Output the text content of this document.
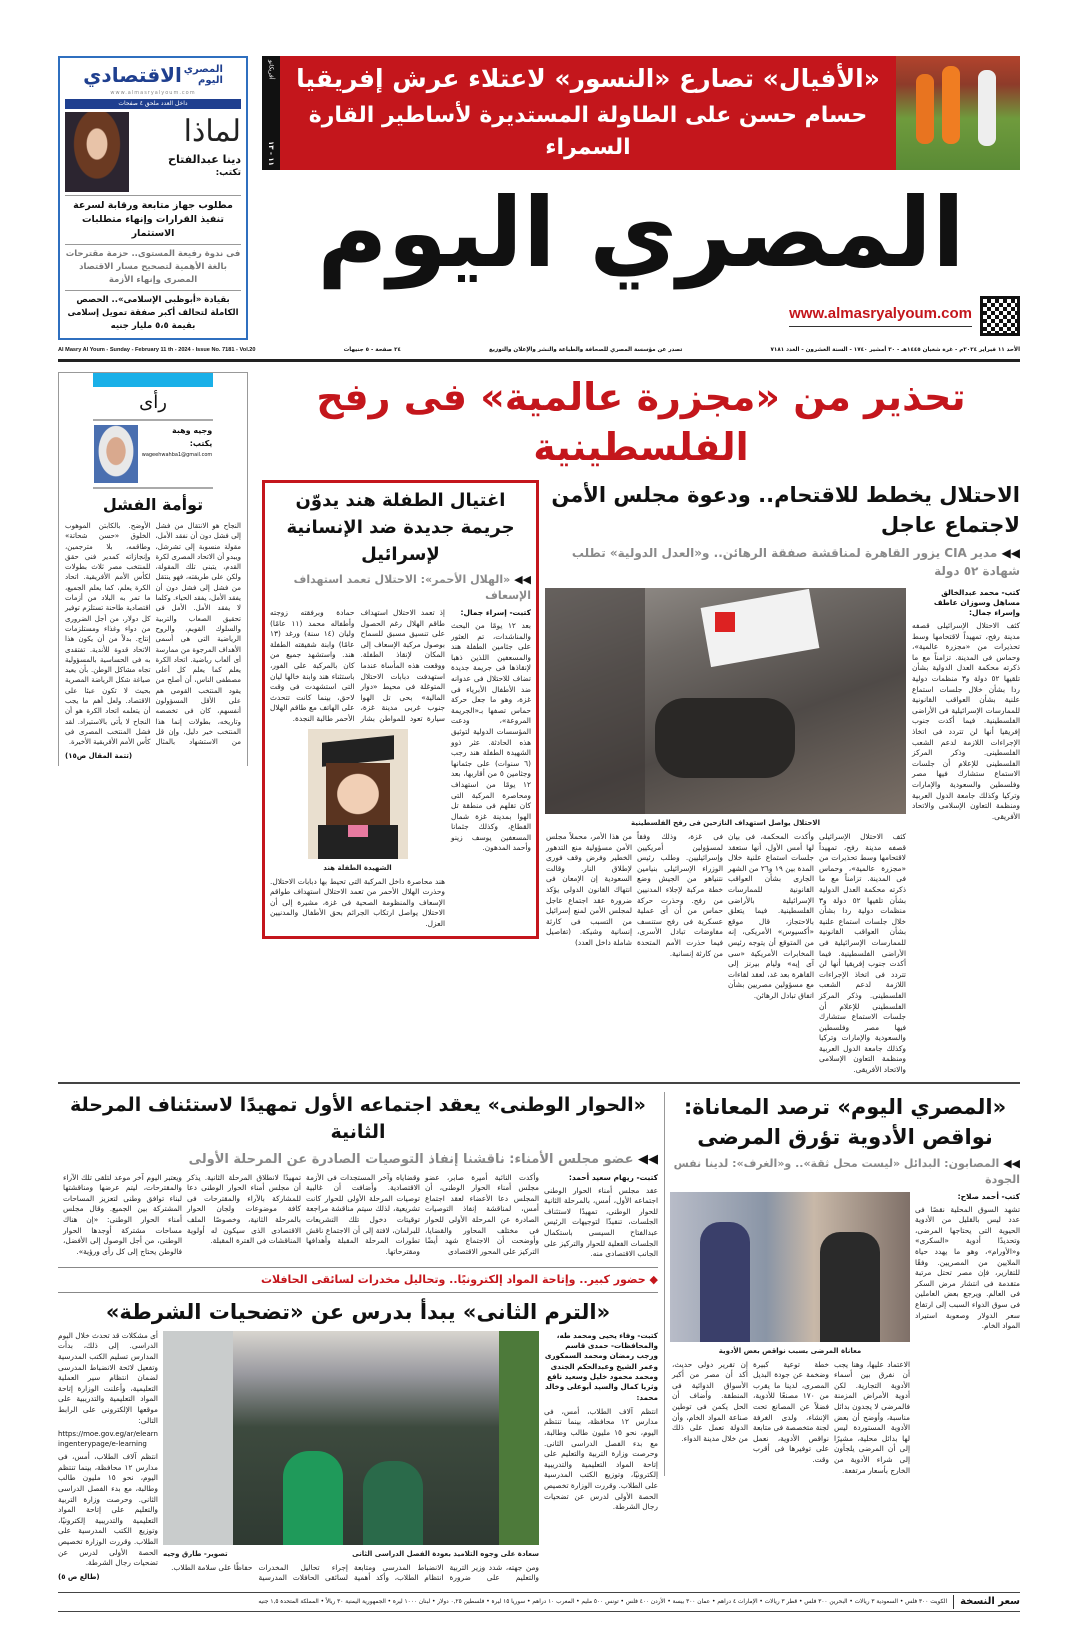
«الأفيال» تصارع «النسور» لاعتلاء عرش إفريقيا
حسام حسن على الطاولة المستديرة لأساطير القارة السمراء
أفريكانو
١١ - ١٣
المصري اليوم
www.almasryalyoum.com
المصري اليوم
الاقتصادي
www.almasryalyoum.com
داخل العدد ملحق ٤ صفحات
لماذا
دينا عبدالفتاح
تكتب:
مطلوب جهاز متابعة ورقابة لسرعة تنفيذ القرارات وإنهاء متطلبات الاستثمار
فى ندوة رفيعة المستوى.. حزمة مقترحات بالغة الأهمية لتصحيح مسار الاقتصاد المصرى وإنهاء الأزمة
بقيادة «أبوظبى الإسلامى».. الحصص الكاملة لتحالف أكبر صفقة تمويل إسلامى بقيمة ٥،٥ مليار جنيه
الأحد ١١ فبراير ٢٠٢٤م - غرة شعبان ١٤٤٥هـ - ٣٠ أمشير ١٧٤٠ - السنة العشرون - العدد ٧١٨١
تصدر عن مؤسسة المصري للصحافة والطباعة والنشر والإعلان والتوزيع
٢٤ صفحة - ٥ جنيهات
Al Masry Al Youm - Sunday - February 11 th - 2024 - Issue No. 7181 - Vol.20
تحذير من «مجزرة عالمية» فى رفح الفلسطينية
الاحتلال يخطط للاقتحام.. ودعوة مجلس الأمن لاجتماع عاجل
◀◀ مدير CIA يزور القاهرة لمناقشة صفقة الرهائن.. و«العدل الدولية» تطلب شهادة ٥٢ دولة
كتب- محمد عبدالخالق مساهل وسوزان عاطف وإسراء جمال:
كثف الاحتلال الإسرائيلى قصفه مدينة رفح، تمهيداً لاقتحامها وسط تحذيرات من «مجزرة عالمية»، وحماس فى المدينة. تزامناً مع ما ذكرته محكمة العدل الدولية بشأن تلقيها ٥٢ دولة و٣ منظمات دولية ردا بشأن خلال جلسات استماع علنية بشأن العواقب القانونية للممارسات الإسرائيلية فى الأراضى الفلسطينية. فيما أكدت جنوب إفريقيا أنها لن تتردد فى اتخاذ الإجراءات اللازمة لدعم الشعب الفلسطينى. وذكر المركز الفلسطينى للإعلام أن جلسات الاستماع ستشارك فيها مصر وفلسطين والسعودية والإمارات وتركيا وكذلك جامعة الدول العربية ومنظمة التعاون الإسلامى والاتحاد الأفريقى.
الاحتلال يواصل استهداف النازحين فى رفح الفلسطينية
كثف الاحتلال الإسرائيلى قصفه مدينة رفح، تمهيداً لاقتحامها وسط تحذيرات من «مجزرة عالمية»، وحماس فى المدينة. تزامناً مع ما ذكرته محكمة العدل الدولية بشأن تلقيها ٥٢ دولة و٣ منظمات دولية ردا بشأن خلال جلسات استماع علنية بشأن العواقب القانونية للممارسات الإسرائيلية فى الأراضى الفلسطينية. فيما أكدت جنوب إفريقيا أنها لن تتردد فى اتخاذ الإجراءات اللازمة لدعم الشعب الفلسطينى. وذكر المركز الفلسطينى للإعلام أن جلسات الاستماع ستشارك فيها مصر وفلسطين والسعودية والإمارات وتركيا وكذلك جامعة الدول العربية ومنظمة التعاون الإسلامى والاتحاد الأفريقى.
وأكدت المحكمة، فى بيان لها أمس الأول، أنها ستعقد جلسات استماع علنية خلال المدة بين ١٩ و٢٦ من الشهر الجارى بشأن العواقب القانونية للممارسات الإسرائيلية بالأراضى الفلسطينية. فيما يتعلق بالاحتجاز، قال موقع «أكسيوس» الأمريكى، إنه من المتوقع أن يتوجه رئيس المخابرات الأمريكية «سى آى إيه» وليام بيرنز إلى القاهرة بعد غد، لعقد لقاءات مع مسؤولين مصريين بشأن اتفاق تبادل الرهائن.
فى غزة، وذلك وفقاً لمسؤولين أمريكيين وإسرائيليين. وطلب رئيس الوزراء الإسرائيلى بنيامين نتنياهو من الجيش وضع خطة مركبة لإجلاء المدنيين من رفح. وحذرت حركة حماس من أن أى عملية عسكرية فى رفح ستنسف مفاوضات تبادل الأسرى، فيما حذرت الأمم المتحدة من كارثة إنسانية.
من هذا الأمر، محملاً مجلس الأمن مسؤولية منع التدهور الخطير وفرض وقف فورى لإطلاق النار. وقالت السعودية إن الإمعان فى انتهاك القانون الدولى يؤكد ضرورة عقد اجتماع عاجل لمجلس الأمن لمنع إسرائيل من التسبب فى كارثة إنسانية وشيكة. (تفاصيل شاملة داخل العدد)
اغتيال الطفلة هند يدوّن جريمة جديدة ضد الإنسانية لإسرائيل
◀◀ «الهلال الأحمر»: الاحتلال تعمد استهداف الإسعاف
كتبت- إسراء جمال:
بعد ١٢ يومًا من البحث والمناشدات، تم العثور على جثامين الطفلة هند والمسعفين اللذين ذهبا لإنقاذها فى جريمة جديدة تضاف للاحتلال فى عدوانه ضد الأطفال الأبرياء فى غزة، وهو ما جعل حركة حماس تصفها بـ«الجريمة المروعة»، ودعت المؤسسات الدولية لتوثيق هذه الحادثة. عثر ذوو الشهيدة الطفلة هند رجب (٦ سنوات) على جثمانها وجثامين ٥ من أقاربها، بعد ١٢ يومًا من استهداف ومحاصرة المركبة التى كان تقلهم فى منطقة تل الهوا بمدينة غزة شمال القطاع، وكذلك جثمانا المسعفين يوسف زينو وأحمد المدهون.
إذ تعمد الاحتلال استهداف طاقم الهلال رغم الحصول على تنسيق مسبق للسماح بوصول مركبة الإسعاف إلى المكان لإنقاذ الطفلة. ووقعت هذه المأساة عندما استهدفت دبابات الاحتلال المتوغلة فى محيط «دوار المالية» بحى تل الهوا جنوب غربى مدينة غزة، سيارة تعود للمواطن بشار حمادة وبرفقته زوجته وأطفاله محمد (١١ عامًا) وليان (١٤ سنة) ورغد (١٣ عامًا) وابنة شقيقته الطفلة هند. واستشهد جميع من كان بالمركبة على الفور، باستثناء هند وابنة خالها ليان التى استشهدت فى وقت لاحق، بينما كانت تتحدث على الهاتف مع طاقم الهلال الأحمر طالبة النجدة.
الشهيدة الطفلة هند
هند محاصرة داخل المركبة التى تحيط بها دبابات الاحتلال. وحذرت الهلال الأحمر من تعمد الاحتلال استهداف طواقم الإسعاف والمنظومة الصحية فى غزة، مشيرة إلى أن الاحتلال يواصل ارتكاب الجرائم بحق الأطفال والمدنيين العزل.
رأى
وجيه وهبة
يكتب:
wageehwahba1@gmail.com
توأمة الفشل
النجاح هو الانتقال من فشل إلى فشل دون أن نفقد الأمل، مقولة منسوبة إلى تشرشل، ويبدو أن الاتحاد المصرى لكرة القدم، يتبنى تلك المقولة، ولكن على طريقته، فهو ينتقل من فشل إلى فشل دون أن يفقد الأمل، يفقد الحياء. وكلما لا يفقد الأمل. الأمل فى تحقيق الصعاب والتربية والسلوك القويم، والروح الرياضية التى هى أسمى الأهداف المرجوة من ممارسة أى ألعاب رياضية. اتحاد الكرة يعلم كما يعلم كل أعلى مصطفى الناس، أن أصلح من يقود المنتخب القومى هم على الأقل المسؤولون أنفسهم، كان فى تخصصه وتاريخه، بطولات إنما هذا المنتخب خير دليل، وإن قل من الاستشهاد بالمثال الأوضح. بالكابتن الموهوب الخلوق «حسن شحاتة» وطاقمه، بلا مترجمين، وإنجازاته كمدير فنى حقق للمنتخب مصر ثلاث بطولات لكأس الأمم الأفريقية. اتحاد الكرة يعلم، كما يعلم الجميع، ما تمر به البلاد من أزمات اقتصادية طاحنة تستلزم توفير كل دولار، من أجل الضرورى من دواء وغذاء ومستلزمات إنتاج. بدلاً من أن يكون هذا الاتحاد قدوة للأندية. تفتقدى به فى الحساسية بالمسؤولية تجاه مشاكل الوطن. بأن يعيد صياغة شكل الرياضة المصرية بحيث لا تكون عبئا على الاقتصاد. ولعل أهم ما يجب أن يتعلمه اتحاد الكرة هو أن النجاح لا يأتى بالاستيراد. لقد فشل المنتخب المصرى فى كأس الأمم الأفريقية الأخيرة.
(تتمة المقال ص١٥)
«المصري اليوم» ترصد المعاناة:
نواقص الأدوية تؤرق المرضى
◀◀ المصابون: البدائل «ليست محل ثقة».. و«الغرف»: لدينا نفس الجودة
كتب- أحمد صلاح:
تشهد السوق المحلية نقصًا فى عدد ليس بالقليل من الأدوية الحيوية التى يحتاجها المرضى، وتحديدًا أدوية «السكرى» و«الأورام»، وهو ما يهدد حياة الملايين من المصريين. وفقًا للتقارير، فإن مصر تحتل مرتبة متقدمة فى انتشار مرض السكر فى العالم. ويرجع بعض العاملين فى سوق الدواء السبب إلى ارتفاع سعر الدولار وصعوبة استيراد المواد الخام.
معاناة المرضى بسبب نواقص بعض الأدوية
الاعتماد عليها، وهنا يجب أن نفرق بين أسماء الأدوية التجارية. لكن أدوية الأمراض المزمنة فالمرضى لا يجدون بدائل مناسبة، وأوضح أن بعض الأدوية المستوردة ليس لها بدائل محلية، مشيرًا إلى أن المرضى يلجأون إلى شراء الأدوية من الخارج بأسعار مرتفعة.
خطة توعية كبيرة وضخمة عن جودة البديل المصرى، لدينا ما يقرب من ١٧٠ مصنعًا للأدوية، فضلاً عن المصانع تحت الإنشاء، ولدى الغرفة لجنة متخصصة فى متابعة نواقص الأدوية، نعمل على توفيرها فى أقرب وقت.
إن تقرير دولى حديث، أكد أن مصر من أكبر الأسواق الدوائية فى المنطقة. وأضاف أن الحل يكمن فى توطين صناعة المواد الخام، وأن الدولة تعمل على ذلك من خلال مدينة الدواء.
«الحوار الوطنى» يعقد اجتماعه الأول تمهيدًا لاستئناف المرحلة الثانية
◀◀ عضو مجلس الأمناء: ناقشنا إنفاذ التوصيات الصادرة عن المرحلة الأولى
كتبت- ريهام سعيد أحمد:
عقد مجلس أمناء الحوار الوطنى اجتماعه الأول، أمس، بالمرحلة الثانية للحوار الوطنى، تمهيدًا لاستئناف الجلسات، تنفيذًا لتوجيهات الرئيس عبدالفتاح السيسى باستكمال الجلسات الفعلية للحوار والتركيز على الجانب الاقتصادى منه.
وأكدت النائبة أميرة صابر، عضو مجلس أمناء الحوار الوطنى، أن المجلس دعا الأعضاء لعقد اجتماع أمس، لمناقشة إنفاذ التوصيات الصادرة عن المرحلة الأولى للحوار فى مختلف المحاور والقضايا، وأوضحت أن الاجتماع شهد أيضًا التركيز على المحور الاقتصادى
وقضاياه وآخر المستجدات فى الأزمة الاقتصادية. وأضافت أن غالبية توصيات المرحلة الأولى للحوار كانت تشريعية، لذلك سيتم مناقشة مراجعة توقيتات دخول تلك التشريعات للبرلمان، لافتة إلى أن الاجتماع ناقش تطورات المرحلة المقبلة وأهدافها ومقترحاتها.
تمهيدًا لانطلاق المرحلة الثانية. يذكر أن مجلس أمناء الحوار الوطنى دعا للمشاركة بالآراء والمقترحات فى كافة موضوعات ولجان الحوار بالمرحلة الثانية، وخصوصًا الملف الاقتصادى الذى سيكون له أولوية المناقشات فى الفترة المقبلة.
ويعتبر اليوم آخر موعد لتلقى تلك الآراء والمقترحات، ليتم عرضها ومناقشتها لبناء توافق وطنى لتعزيز المساحات المشتركة بين الجميع. وقال مجلس أمناء الحوار الوطنى: «إن هناك مساحات مشتركة أوجدها الحوار الوطنى، من أجل الوصول إلى الأفضل، فالوطن يحتاج إلى كل رأى ورؤية».
◆ حضور كبير.. وإتاحة المواد إلكترونيًا.. وتحاليل مخدرات لسائقى الحافلات
«الترم الثانى» يبدأ بدرس عن «تضحيات الشرطة»
كتبت- وفاء يحيى ومحمد طه، والمحافظات- حمدى قاسم ورجب رمضان ومحمد السمكورى وعمر الشيخ وعبدالحكم الجندى ومحمد محمود خليل وسعيد نافع وثريا كمال والسيد أبوعلى وخالد محمد:
انتظم آلاف الطلاب، أمس، فى مدارس ١٢ محافظة، بينما تنتظم اليوم، نحو ١٥ مليون طالب وطالبة، مع بدء الفصل الدراسى الثانى. وحرصت وزارة التربية والتعليم على إتاحة المواد التعليمية والتدريبية إلكترونيًا، وتوزيع الكتب المدرسية على الطلاب. وقررت الوزارة تخصيص الحصة الأولى لدرس عن تضحيات رجال الشرطة.
سعادة على وجوه التلاميذ بعودة الفصل الدراسى الثانى
تصوير- طارق وجيه
ومن جهته، شدد وزير التربية والتعليم على ضرورة الانضباط المدرسى ومتابعة انتظام الطلاب، وأكد أهمية إجراء تحاليل المخدرات لسائقى الحافلات المدرسية حفاظًا على سلامة الطلاب.
أى مشكلات قد تحدث خلال اليوم الدراسى. إلى ذلك، بدأت المدارس تسليم الكتب المدرسية وتفعيل لائحة الانضباط المدرسى لضمان انتظام سير العملية التعليمية، وأعلنت الوزارة إتاحة المواد التعليمية والتدريبية على موقعها الإلكترونى على الرابط التالى:
https://moe.gov.eg/ar/elearningenterypage/e-learning
انتظم آلاف الطلاب، أمس، فى مدارس ١٢ محافظة، بينما تنتظم اليوم، نحو ١٥ مليون طالب وطالبة، مع بدء الفصل الدراسى الثانى. وحرصت وزارة التربية والتعليم على إتاحة المواد التعليمية والتدريبية إلكترونيًا، وتوزيع الكتب المدرسية على الطلاب. وقررت الوزارة تخصيص الحصة الأولى لدرس عن تضحيات رجال الشرطة.
(طالع ص ٥)
سعر النسخة
الكويت ٣٠٠ فلس • السعودية ٣ ريالات • البحرين ٣٠٠ فلس • قطر ٣ ريالات • الإمارات ٤ دراهم • عمان ٣٠٠ بيسة • الأردن ٤٠٠ فلس • تونس ٥٠٠ مليم • المغرب ١٠ دراهم • سوريا ١٥ ليرة • فلسطين ٠,٢٥ دولار • لبنان ١٠٠٠ ليرة • الجمهورية اليمنية ٣٠ ريالاً • المملكة المتحدة ١,٥ جنيه
